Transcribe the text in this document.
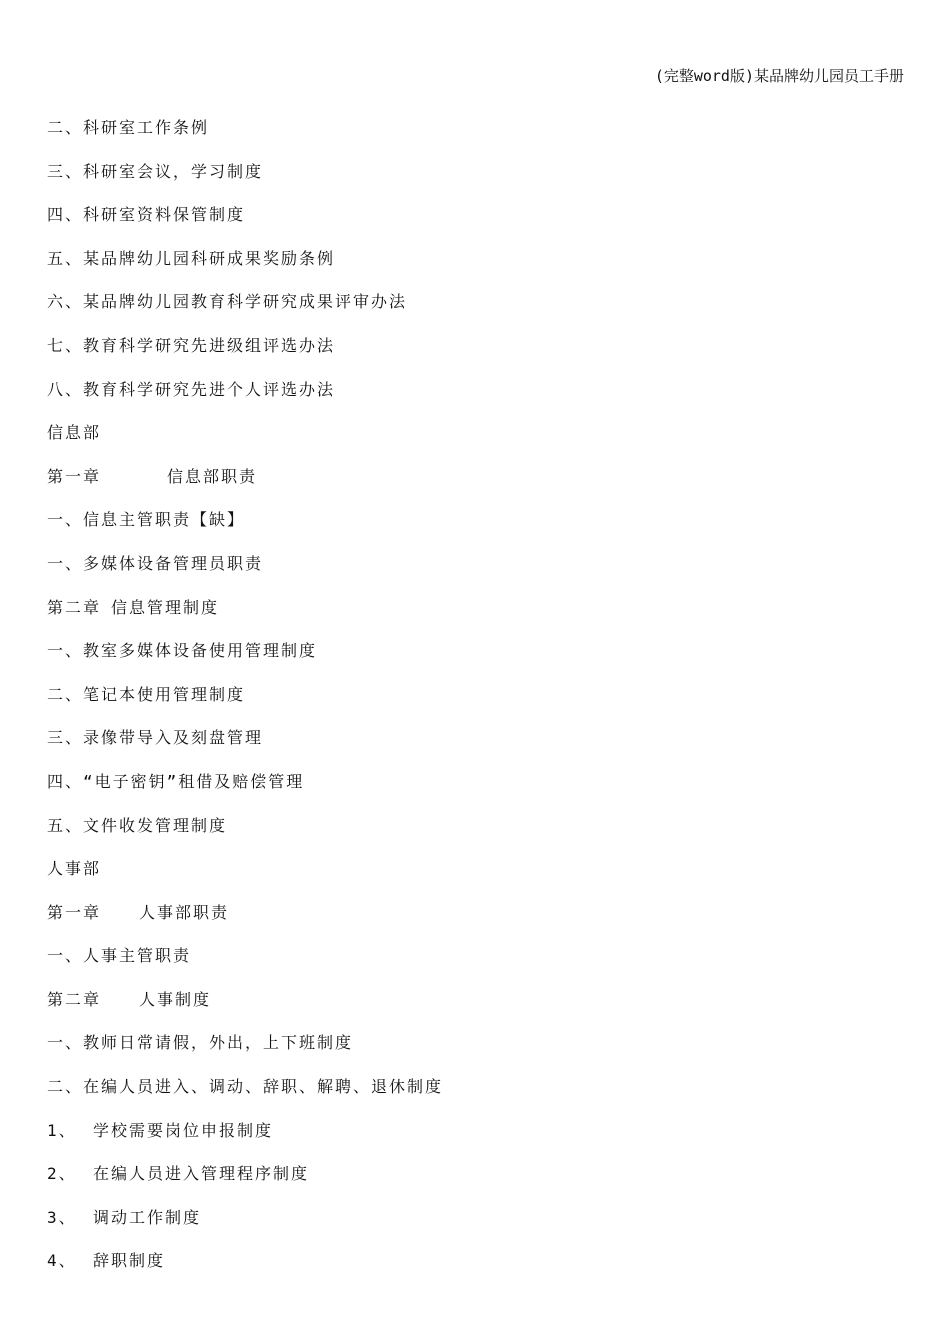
(完整word版)某品牌幼儿园员工手册
二、科研室工作条例
三、科研室会议，学习制度
四、科研室资料保管制度
五、某品牌幼儿园科研成果奖励条例
六、某品牌幼儿园教育科学研究成果评审办法
七、教育科学研究先进级组评选办法
八、教育科学研究先进个人评选办法
信息部
第一章	信息部职责
一、信息主管职责【缺】
一、多媒体设备管理员职责
第二章 信息管理制度
一、教室多媒体设备使用管理制度
二、笔记本使用管理制度
三、录像带导入及刻盘管理
四、“电子密钥”租借及赔偿管理
五、文件收发管理制度
人事部
第一章 人事部职责
一、人事主管职责
第二章 人事制度
一、教师日常请假，外出，上下班制度
二、在编人员进入、调动、辞职、解聘、退休制度
1、 学校需要岗位申报制度
2、 在编人员进入管理程序制度
3、 调动工作制度
4、 辞职制度
